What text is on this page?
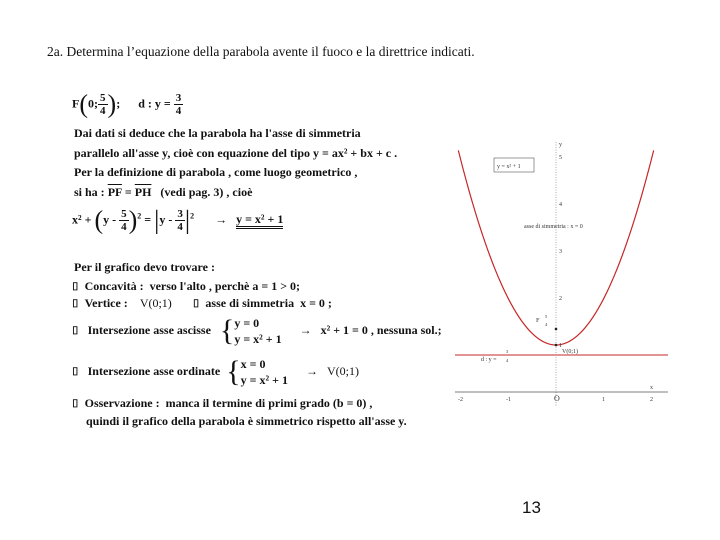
2a. Determina l’equazione della parabola avente il fuoco e la direttrice indicati.
F(0; $\frac{5}{4}$ ); d : $y = \frac{3}{4}$
Dai dati si deduce che la parabola ha l'asse di simmetria
parallelo all'asse y, cioè con equazione del tipo y = ax² + bx + c .
Per la definizione di parabola , come luogo geometrico ,
si ha : $\overline{PF} = \overline{PH}$ (vedi pag. 3) , cioè
$x^2 + (y - \frac{5}{4} )^2 = |y - \frac{3}{4} |^2 \to y = x^2 + 1$
Per il grafico devo trovare :
⌷ Concavità : verso l'alto , perchè a = 1 > 0;
⌷ Vertice : V(0;1) ⌷ asse di simmetria x = 0 ;
⌷ Intersezione asse ascisse {y = 0
y = x² + 1      → x² + 1 = 0 , nessuna sol.;
⌷ Intersezione asse ordinate {x = 0
y = x² + 1      → V(0;1)
⌷ Osservazione : manca il termine di primi grado (b = 0) ,
quindi il grafico della parabola è simmetrico rispetto all'asse y.
x
y
d : y =
3
4
y = x² + 1
asse di simmetria : x = 0
F
5
4
V(0;1)
5
4
3
2
1
-2	-1	O	1	2
13
